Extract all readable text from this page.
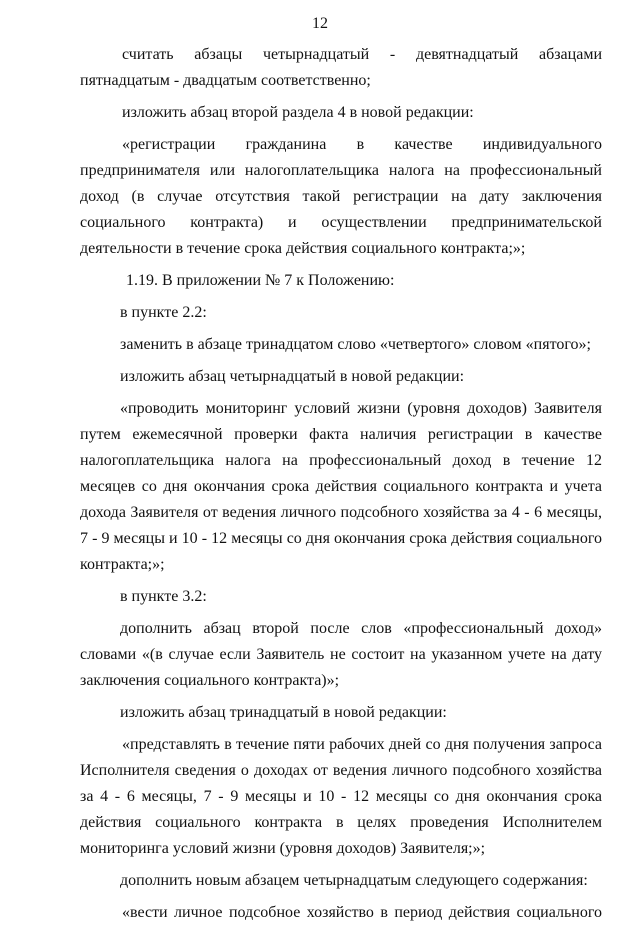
12

считать абзацы четырнадцатый - девятнадцатый абзацами пятнадцатым - двадцатым соответственно;

изложить абзац второй раздела 4 в новой редакции:

«регистрации гражданина в качестве индивидуального предпринимателя или налогоплательщика налога на профессиональный доход (в случае отсутствия такой регистрации на дату заключения социального контракта) и осуществлении предпринимательской деятельности в течение срока действия социального контракта;»;

1.19. В приложении № 7 к Положению:

в пункте 2.2:

заменить в абзаце тринадцатом слово «четвертого» словом «пятого»;

изложить абзац четырнадцатый в новой редакции:

«проводить мониторинг условий жизни (уровня доходов) Заявителя путем ежемесячной проверки факта наличия регистрации в качестве налогоплательщика налога на профессиональный доход в течение 12 месяцев со дня окончания срока действия социального контракта и учета дохода Заявителя от ведения личного подсобного хозяйства за 4 - 6 месяцы, 7 - 9 месяцы и 10 - 12 месяцы со дня окончания срока действия социального контракта;»;

в пункте 3.2:

дополнить абзац второй после слов «профессиональный доход» словами «(в случае если Заявитель не состоит на указанном учете на дату заключения социального контракта)»;

изложить абзац тринадцатый в новой редакции:

«представлять в течение пяти рабочих дней со дня получения запроса Исполнителя сведения о доходах от ведения личного подсобного хозяйства за 4 - 6 месяцы, 7 - 9 месяцы и 10 - 12 месяцы со дня окончания срока действия социального контракта в целях проведения Исполнителем мониторинга условий жизни (уровня доходов) Заявителя;»;

дополнить новым абзацем четырнадцатым следующего содержания:

«вести личное подсобное хозяйство в период действия социального
